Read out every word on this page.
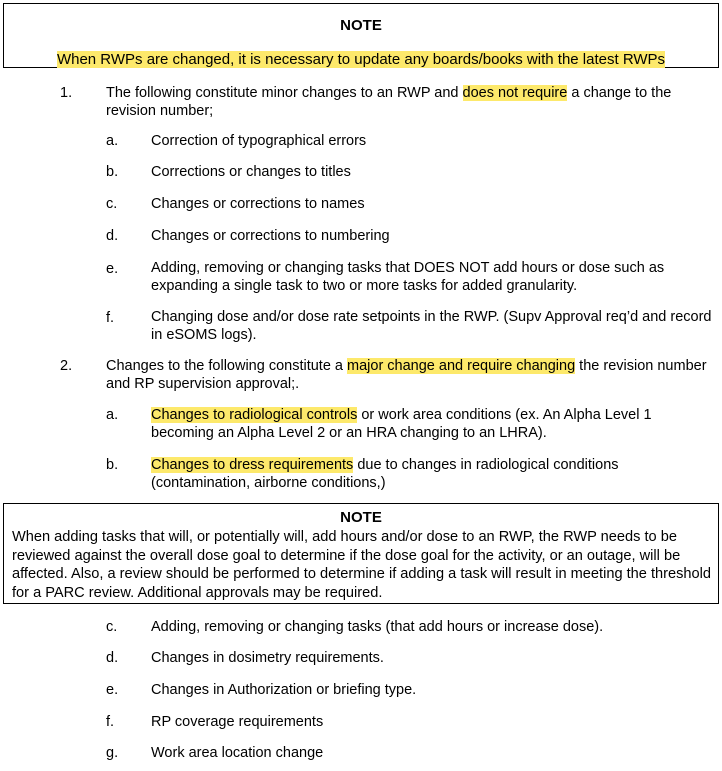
NOTE
When RWPs are changed, it is necessary to update any boards/books with the latest RWPs
1. The following constitute minor changes to an RWP and does not require a change to the revision number;
a. Correction of typographical errors
b. Corrections or changes to titles
c. Changes or corrections to names
d. Changes or corrections to numbering
e. Adding, removing or changing tasks that DOES NOT add hours or dose such as expanding a single task to two or more tasks for added granularity.
f.	Changing dose and/or dose rate setpoints in the RWP. (Supv Approval req’d and record in eSOMS logs).
2. Changes to the following constitute a major change and require changing the revision number and RP supervision approval;.
a. Changes to radiological controls or work area conditions (ex. An Alpha Level 1 becoming an Alpha Level 2 or an HRA changing to an LHRA).
b. Changes to dress requirements due to changes in radiological conditions (contamination, airborne conditions,)
NOTE
When adding tasks that will, or potentially will, add hours and/or dose to an RWP, the RWP needs to be reviewed against the overall dose goal to determine if the dose goal for the activity, or an outage, will be affected. Also, a review should be performed to determine if adding a task will result in meeting the threshold for a PARC review. Additional approvals may be required.
c. Adding, removing or changing tasks (that add hours or increase dose).
d. Changes in dosimetry requirements.
e. Changes in Authorization or briefing type.
f.	RP coverage requirements
g. Work area location change
